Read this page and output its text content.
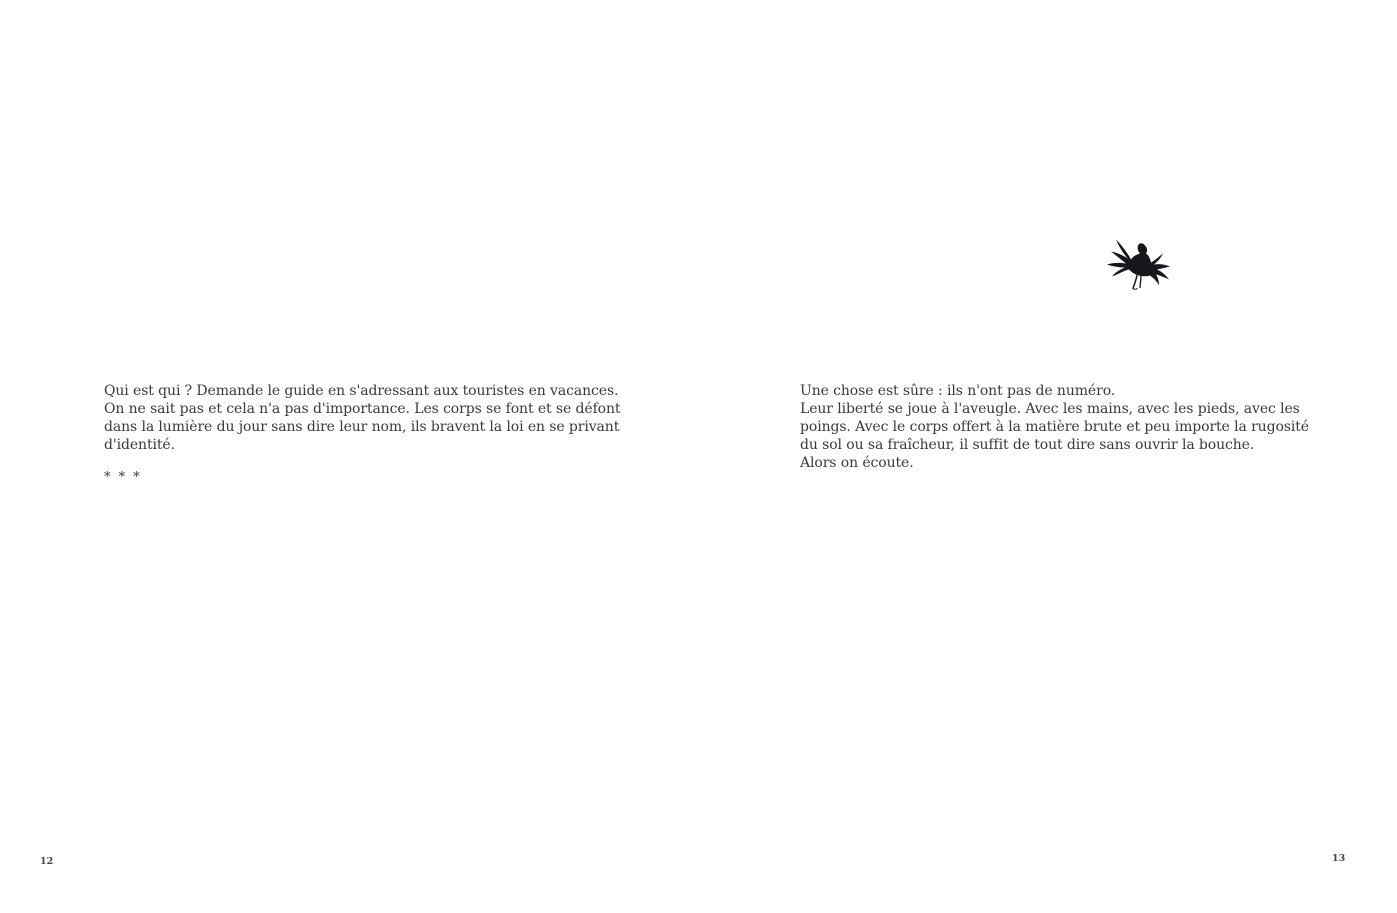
Qui est qui ? Demande le guide en s'adressant aux touristes en vacances.
On ne sait pas et cela n'a pas d'importance. Les corps se font et se défont
dans la lumière du jour sans dire leur nom, ils bravent la loi en se privant
d'identité.
* * *
12
Une chose est sûre : ils n'ont pas de numéro.
Leur liberté se joue à l'aveugle. Avec les mains, avec les pieds, avec les
poings. Avec le corps offert à la matière brute et peu importe la rugosité
du sol ou sa fraîcheur, il suffit de tout dire sans ouvrir la bouche.
Alors on écoute.
13
